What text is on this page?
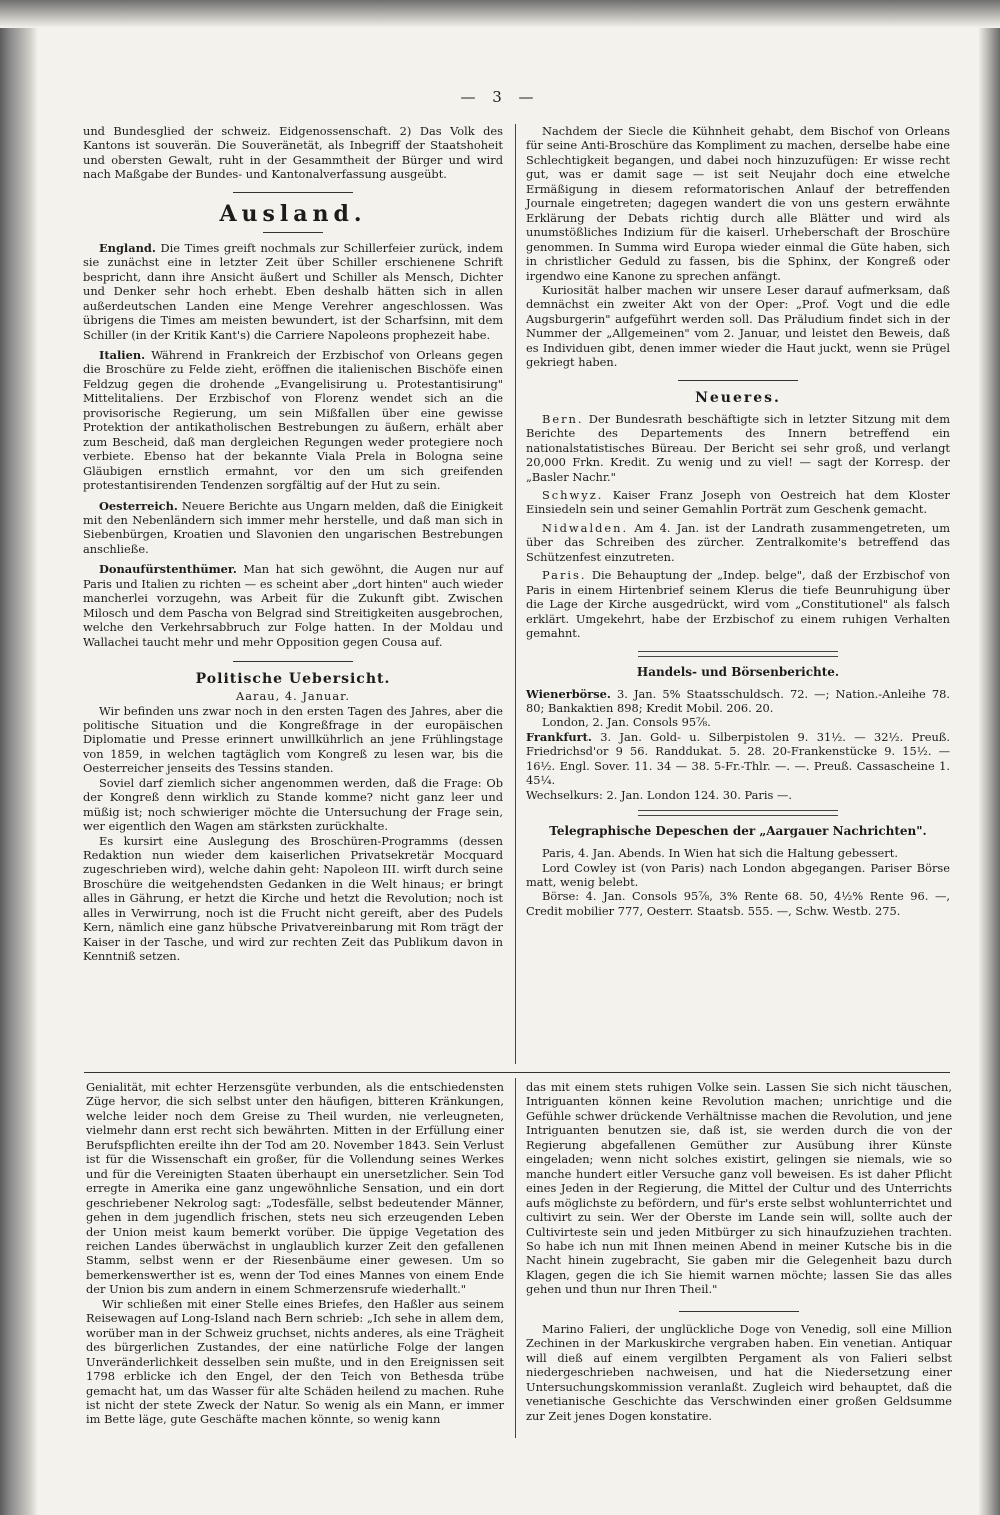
— 3 —

und Bundesglied der schweiz. Eidgenossenschaft. 2) Das Volk des Kantons ist souverän. Die Souveränetät, als Inbegriff der Staatshoheit und obersten Gewalt, ruht in der Gesammtheit der Bürger und wird nach Maßgabe der Bundes- und Kantonalverfassung ausgeübt.

Ausland.

England. Die Times greift nochmals zur Schillerfeier zurück, indem sie zunächst eine in letzter Zeit über Schiller erschienene Schrift bespricht, dann ihre Ansicht äußert und Schiller als Mensch, Dichter und Denker sehr hoch erhebt. Eben deshalb hätten sich in allen außerdeutschen Landen eine Menge Verehrer angeschlossen. Was übrigens die Times am meisten bewundert, ist der Scharfsinn, mit dem Schiller (in der Kritik Kant's) die Carriere Napoleons prophezeit habe.

Italien. Während in Frankreich der Erzbischof von Orleans gegen die Broschüre zu Felde zieht, eröffnen die italienischen Bischöfe einen Feldzug gegen die drohende „Evangelisirung u. Protestantisirung" Mittelitaliens. Der Erzbischof von Florenz wendet sich an die provisorische Regierung, um sein Mißfallen über eine gewisse Protektion der antikatholischen Bestrebungen zu äußern, erhält aber zum Bescheid, daß man dergleichen Regungen weder protegiere noch verbiete. Ebenso hat der bekannte Viala Prela in Bologna seine Gläubigen ernstlich ermahnt, vor den um sich greifenden protestantisirenden Tendenzen sorgfältig auf der Hut zu sein.

Oesterreich. Neuere Berichte aus Ungarn melden, daß die Einigkeit mit den Nebenländern sich immer mehr herstelle, und daß man sich in Siebenbürgen, Kroatien und Slavonien den ungarischen Bestrebungen anschließe.

Donaufürstenthümer. Man hat sich gewöhnt, die Augen nur auf Paris und Italien zu richten — es scheint aber „dort hinten" auch wieder mancherlei vorzugehn, was Arbeit für die Zukunft gibt. Zwischen Milosch und dem Pascha von Belgrad sind Streitigkeiten ausgebrochen, welche den Verkehrsabbruch zur Folge hatten. In der Moldau und Wallachei taucht mehr und mehr Opposition gegen Cousa auf.

Politische Uebersicht.
Aarau, 4. Januar.

Wir befinden uns zwar noch in den ersten Tagen des Jahres, aber die politische Situation und die Kongreßfrage in der europäischen Diplomatie und Presse erinnert unwillkührlich an jene Frühlingstage von 1859, in welchen tagtäglich vom Kongreß zu lesen war, bis die Oesterreicher jenseits des Tessins standen.

Soviel darf ziemlich sicher angenommen werden, daß die Frage: Ob der Kongreß denn wirklich zu Stande komme? nicht ganz leer und müßig ist; noch schwieriger möchte die Untersuchung der Frage sein, wer eigentlich den Wagen am stärksten zurückhalte.

Es kursirt eine Auslegung des Broschüren-Programms (dessen Redaktion nun wieder dem kaiserlichen Privatsekretär Mocquard zugeschrieben wird), welche dahin geht: Napoleon III. wirft durch seine Broschüre die weitgehendsten Gedanken in die Welt hinaus; er bringt alles in Gährung, er hetzt die Kirche und hetzt die Revolution; noch ist alles in Verwirrung, noch ist die Frucht nicht gereift, aber des Pudels Kern, nämlich eine ganz hübsche Privatvereinbarung mit Rom trägt der Kaiser in der Tasche, und wird zur rechten Zeit das Publikum davon in Kenntniß setzen.

Nachdem der Siecle die Kühnheit gehabt, dem Bischof von Orleans für seine Anti-Broschüre das Kompliment zu machen, derselbe habe eine Schlechtigkeit begangen, und dabei noch hinzuzufügen: Er wisse recht gut, was er damit sage — ist seit Neujahr doch eine etwelche Ermäßigung in diesem reformatorischen Anlauf der betreffenden Journale eingetreten; dagegen wandert die von uns gestern erwähnte Erklärung der Debats richtig durch alle Blätter und wird als unumstößliches Indizium für die kaiserl. Urheberschaft der Broschüre genommen. In Summa wird Europa wieder einmal die Güte haben, sich in christlicher Geduld zu fassen, bis die Sphinx, der Kongreß oder irgendwo eine Kanone zu sprechen anfängt.

Kuriosität halber machen wir unsere Leser darauf aufmerksam, daß demnächst ein zweiter Akt von der Oper: „Prof. Vogt und die edle Augsburgerin" aufgeführt werden soll. Das Präludium findet sich in der Nummer der „Allgemeinen" vom 2. Januar, und leistet den Beweis, daß es Individuen gibt, denen immer wieder die Haut juckt, wenn sie Prügel gekriegt haben.

Neueres.

Bern. Der Bundesrath beschäftigte sich in letzter Sitzung mit dem Berichte des Departements des Innern betreffend ein nationalstatistisches Büreau. Der Bericht sei sehr groß, und verlangt 20,000 Frkn. Kredit. Zu wenig und zu viel! — sagt der Korresp. der „Basler Nachr."

Schwyz. Kaiser Franz Joseph von Oestreich hat dem Kloster Einsiedeln sein und seiner Gemahlin Porträt zum Geschenk gemacht.

Nidwalden. Am 4. Jan. ist der Landrath zusammengetreten, um über das Schreiben des zürcher. Zentralkomite's betreffend das Schützenfest einzutreten.

Paris. Die Behauptung der „Indep. belge", daß der Erzbischof von Paris in einem Hirtenbrief seinem Klerus die tiefe Beunruhigung über die Lage der Kirche ausgedrückt, wird vom „Constitutionel" als falsch erklärt. Umgekehrt, habe der Erzbischof zu einem ruhigen Verhalten gemahnt.

Handels- und Börsenberichte.

Wienerbörse. 3. Jan. 5% Staatsschuldsch. 72. —; Nation.-Anleihe 78. 80; Bankaktien 898; Kredit Mobil. 206. 20.

London, 2. Jan. Consols 95⅞.

Frankfurt. 3. Jan. Gold- u. Silberpistolen 9. 31½. — 32½. Preuß. Friedrichsd'or 9 56. Randdukat. 5. 28. 20-Frankenstücke 9. 15½. — 16½. Engl. Sover. 11. 34 — 38. 5-Fr.-Thlr. —. —. Preuß. Cassascheine 1. 45¼.

Wechselkurs: 2. Jan. London 124. 30. Paris —.

Telegraphische Depeschen der „Aargauer Nachrichten".

Paris, 4. Jan. Abends. In Wien hat sich die Haltung gebessert.

Lord Cowley ist (von Paris) nach London abgegangen. Pariser Börse matt, wenig belebt.

Börse: 4. Jan. Consols 95⅞, 3% Rente 68. 50, 4½% Rente 96. —, Credit mobilier 777, Oesterr. Staatsb. 555. —, Schw. Westb. 275.

Genialität, mit echter Herzensgüte verbunden, als die entschiedensten Züge hervor, die sich selbst unter den häufigen, bitteren Kränkungen, welche leider noch dem Greise zu Theil wurden, nie verleugneten, vielmehr dann erst recht sich bewährten. Mitten in der Erfüllung einer Berufspflichten ereilte ihn der Tod am 20. November 1843. Sein Verlust ist für die Wissenschaft ein großer, für die Vollendung seines Werkes und für die Vereinigten Staaten überhaupt ein unersetzlicher. Sein Tod erregte in Amerika eine ganz ungewöhnliche Sensation, und ein dort geschriebener Nekrolog sagt: „Todesfälle, selbst bedeutender Männer, gehen in dem jugendlich frischen, stets neu sich erzeugenden Leben der Union meist kaum bemerkt vorüber. Die üppige Vegetation des reichen Landes überwächst in unglaublich kurzer Zeit den gefallenen Stamm, selbst wenn er der Riesenbäume einer gewesen. Um so bemerkenswerther ist es, wenn der Tod eines Mannes von einem Ende der Union bis zum andern in einem Schmerzensrufe wiederhallt."

Wir schließen mit einer Stelle eines Briefes, den Haßler aus seinem Reisewagen auf Long-Island nach Bern schrieb: „Ich sehe in allem dem, worüber man in der Schweiz gruchset, nichts anderes, als eine Trägheit des bürgerlichen Zustandes, der eine natürliche Folge der langen Unveränderlichkeit desselben sein mußte, und in den Ereignissen seit 1798 erblicke ich den Engel, der den Teich von Bethesda trübe gemacht hat, um das Wasser für alte Schäden heilend zu machen. Ruhe ist nicht der stete Zweck der Natur. So wenig als ein Mann, er immer im Bette läge, gute Geschäfte machen könnte, so wenig kann

das mit einem stets ruhigen Volke sein. Lassen Sie sich nicht täuschen, Intriguanten können keine Revolution machen; unrichtige und die Gefühle schwer drückende Verhältnisse machen die Revolution, und jene Intriguanten benutzen sie, daß ist, sie werden durch die von der Regierung abgefallenen Gemüther zur Ausübung ihrer Künste eingeladen; wenn nicht solches existirt, gelingen sie niemals, wie so manche hundert eitler Versuche ganz voll beweisen. Es ist daher Pflicht eines Jeden in der Regierung, die Mittel der Cultur und des Unterrichts aufs möglichste zu befördern, und für's erste selbst wohlunterrichtet und cultivirt zu sein. Wer der Oberste im Lande sein will, sollte auch der Cultivirteste sein und jeden Mitbürger zu sich hinaufzuziehen trachten. So habe ich nun mit Ihnen meinen Abend in meiner Kutsche bis in die Nacht hinein zugebracht, Sie gaben mir die Gelegenheit bazu durch Klagen, gegen die ich Sie hiemit warnen möchte; lassen Sie das alles gehen und thun nur Ihren Theil."

Marino Falieri, der unglückliche Doge von Venedig, soll eine Million Zechinen in der Markuskirche vergraben haben. Ein venetian. Antiquar will dieß auf einem vergilbten Pergament als von Falieri selbst niedergeschrieben nachweisen, und hat die Niedersetzung einer Untersuchungskommission veranlaßt. Zugleich wird behauptet, daß die venetianische Geschichte das Verschwinden einer großen Geldsumme zur Zeit jenes Dogen konstatire.
